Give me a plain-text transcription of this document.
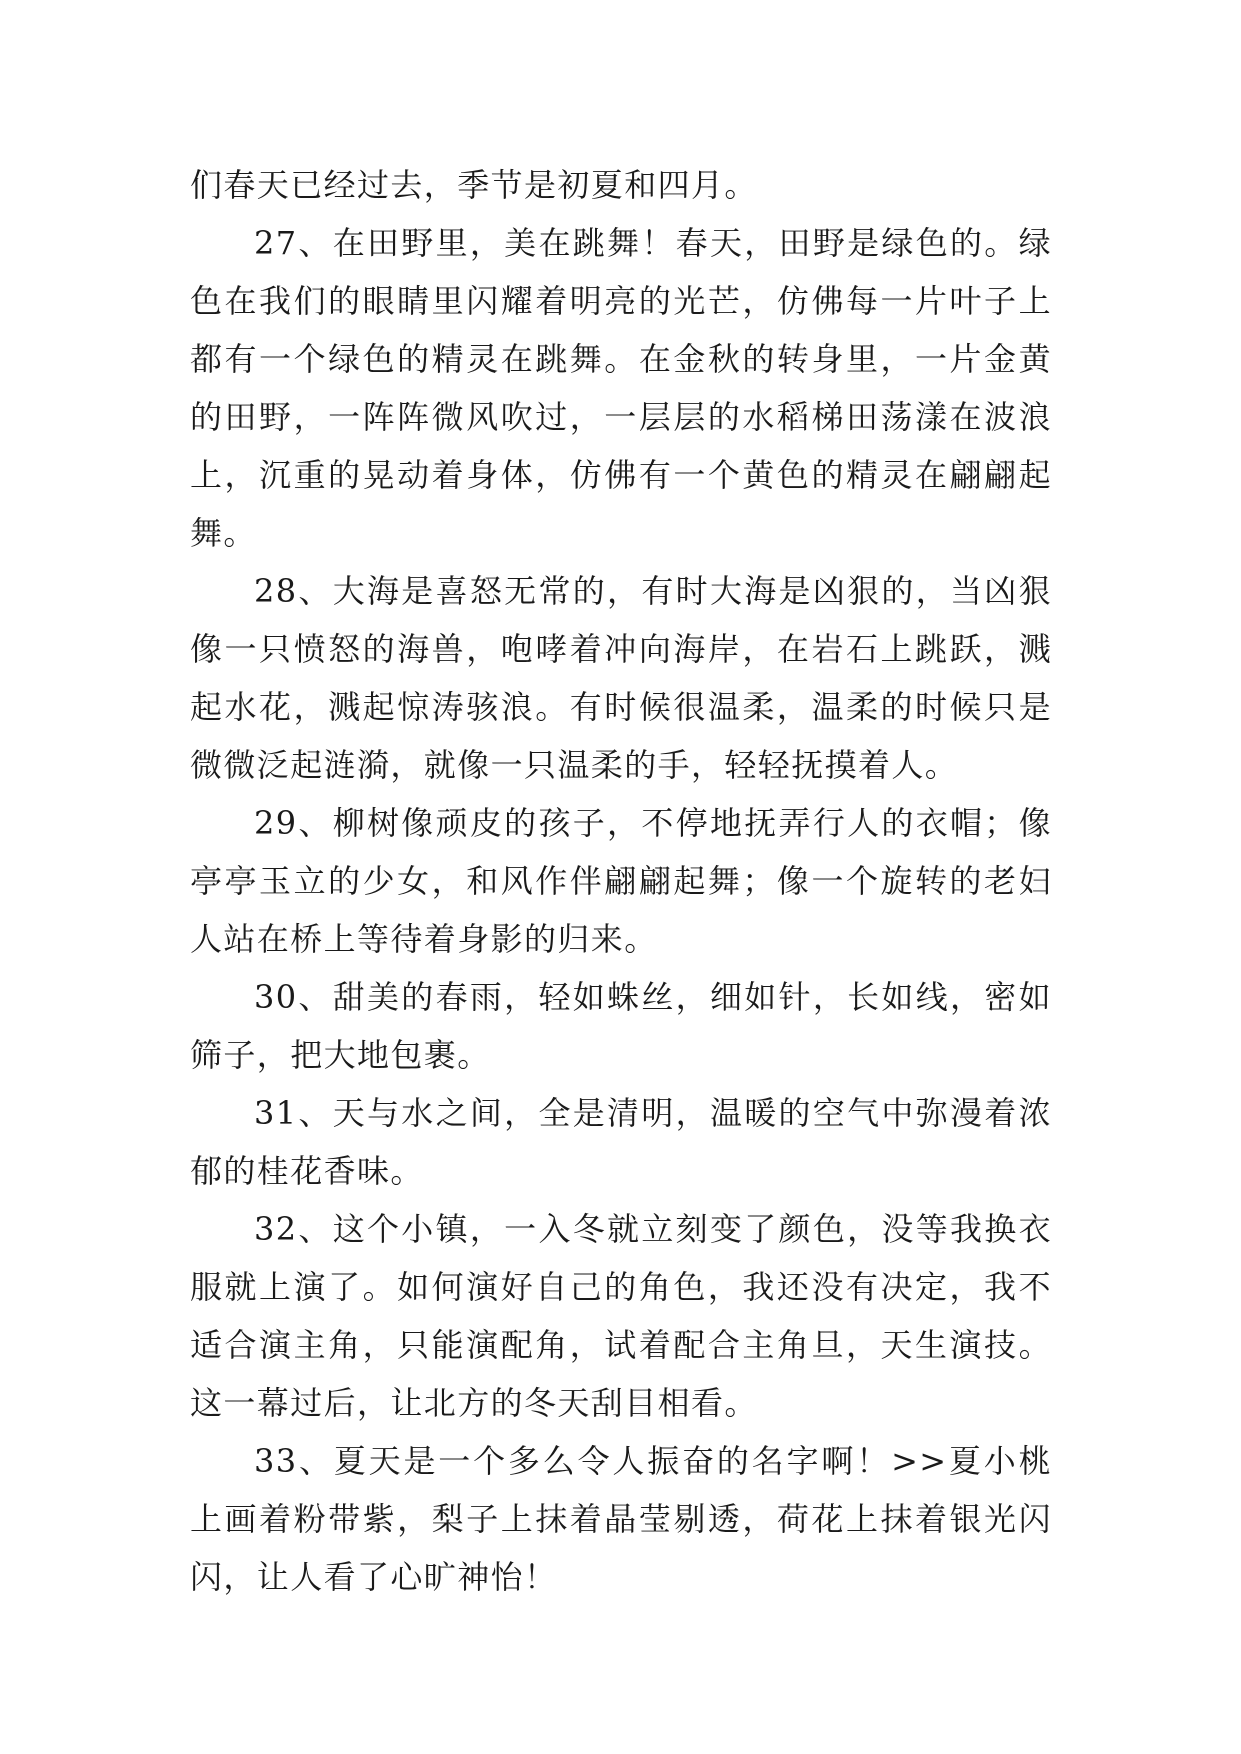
们春天已经过去，季节是初夏和四月。

27、在田野里，美在跳舞！春天，田野是绿色的。绿色在我们的眼睛里闪耀着明亮的光芒，仿佛每一片叶子上都有一个绿色的精灵在跳舞。在金秋的转身里，一片金黄的田野，一阵阵微风吹过，一层层的水稻梯田荡漾在波浪上，沉重的晃动着身体，仿佛有一个黄色的精灵在翩翩起舞。

28、大海是喜怒无常的，有时大海是凶狠的，当凶狠像一只愤怒的海兽，咆哮着冲向海岸，在岩石上跳跃，溅起水花，溅起惊涛骇浪。有时候很温柔，温柔的时候只是微微泛起涟漪，就像一只温柔的手，轻轻抚摸着人。

29、柳树像顽皮的孩子，不停地抚弄行人的衣帽；像亭亭玉立的少女，和风作伴翩翩起舞；像一个旋转的老妇人站在桥上等待着身影的归来。

30、甜美的春雨，轻如蛛丝，细如针，长如线，密如筛子，把大地包裹。

31、天与水之间，全是清明，温暖的空气中弥漫着浓郁的桂花香味。

32、这个小镇，一入冬就立刻变了颜色，没等我换衣服就上演了。如何演好自己的角色，我还没有决定，我不适合演主角，只能演配角，试着配合主角旦，天生演技。这一幕过后，让北方的冬天刮目相看。

33、夏天是一个多么令人振奋的名字啊！>>夏小桃上画着粉带紫，梨子上抹着晶莹剔透，荷花上抹着银光闪闪，让人看了心旷神怡！
